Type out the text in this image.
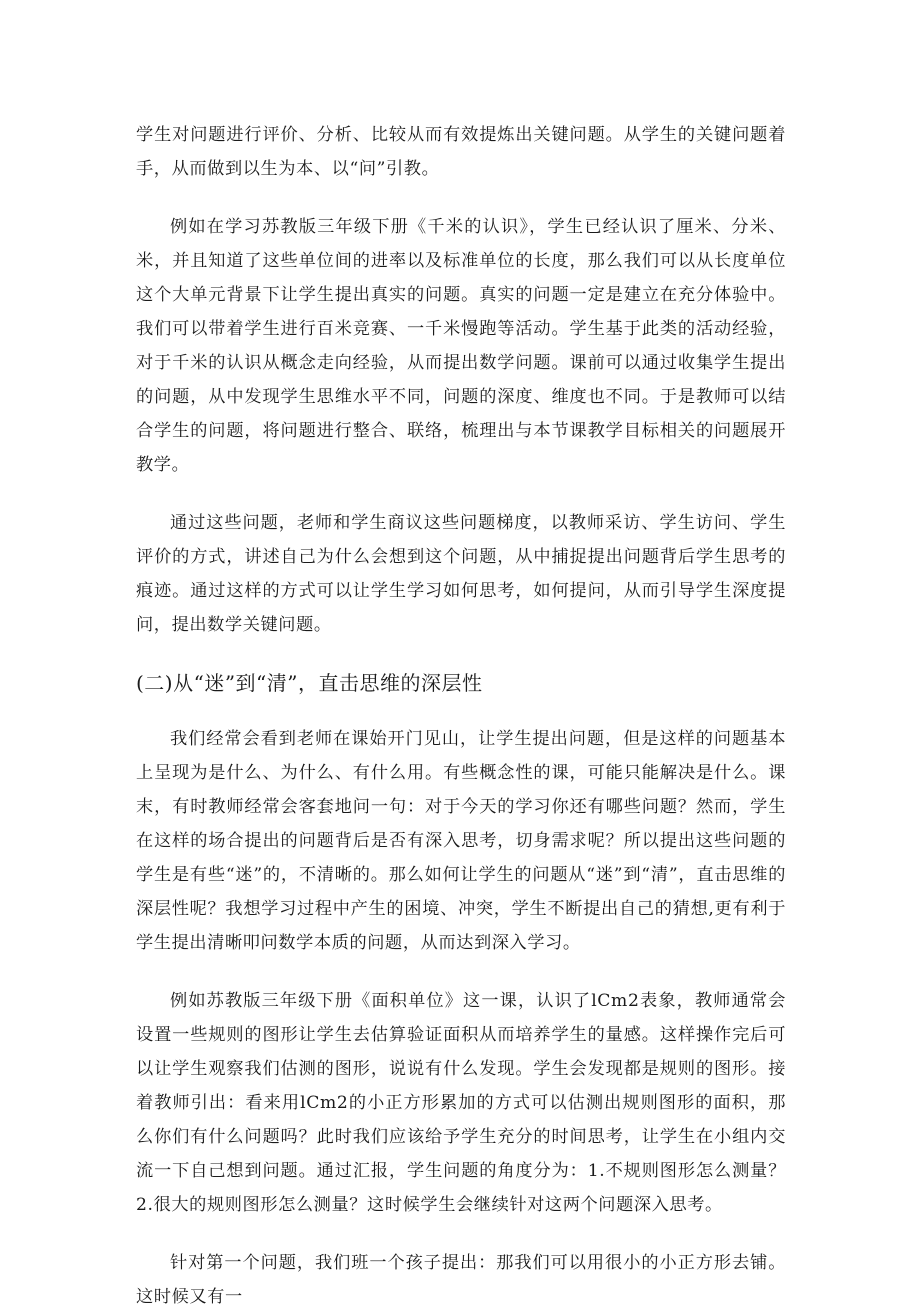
学生对问题进行评价、分析、比较从而有效提炼出关键问题。从学生的关键问题着手，从而做到以生为本、以“问”引教。

例如在学习苏教版三年级下册《千米的认识》，学生已经认识了厘米、分米、米，并且知道了这些单位间的进率以及标准单位的长度，那么我们可以从长度单位这个大单元背景下让学生提出真实的问题。真实的问题一定是建立在充分体验中。我们可以带着学生进行百米竞赛、一千米慢跑等活动。学生基于此类的活动经验，对于千米的认识从概念走向经验，从而提出数学问题。课前可以通过收集学生提出的问题，从中发现学生思维水平不同，问题的深度、维度也不同。于是教师可以结合学生的问题，将问题进行整合、联络，梳理出与本节课教学目标相关的问题展开教学。

通过这些问题，老师和学生商议这些问题梯度，以教师采访、学生访问、学生评价的方式，讲述自己为什么会想到这个问题，从中捕捉提出问题背后学生思考的痕迹。通过这样的方式可以让学生学习如何思考，如何提问，从而引导学生深度提问，提出数学关键问题。

(二)从“迷”到“清”，直击思维的深层性

我们经常会看到老师在课始开门见山，让学生提出问题，但是这样的问题基本上呈现为是什么、为什么、有什么用。有些概念性的课，可能只能解决是什么。课末，有时教师经常会客套地问一句：对于今天的学习你还有哪些问题？然而，学生在这样的场合提出的问题背后是否有深入思考，切身需求呢？所以提出这些问题的学生是有些“迷”的，不清晰的。那么如何让学生的问题从“迷”到“清”，直击思维的深层性呢？我想学习过程中产生的困境、冲突，学生不断提出自己的猜想,更有利于学生提出清晰叩问数学本质的问题，从而达到深入学习。

例如苏教版三年级下册《面积单位》这一课，认识了lCm2表象，教师通常会设置一些规则的图形让学生去估算验证面积从而培养学生的量感。这样操作完后可以让学生观察我们估测的图形，说说有什么发现。学生会发现都是规则的图形。接着教师引出：看来用lCm2的小正方形累加的方式可以估测出规则图形的面积，那么你们有什么问题吗？此时我们应该给予学生充分的时间思考，让学生在小组内交流一下自己想到问题。通过汇报，学生问题的角度分为：1.不规则图形怎么测量？2.很大的规则图形怎么测量？这时候学生会继续针对这两个问题深入思考。

针对第一个问题，我们班一个孩子提出：那我们可以用很小的小正方形去铺。这时候又有一
